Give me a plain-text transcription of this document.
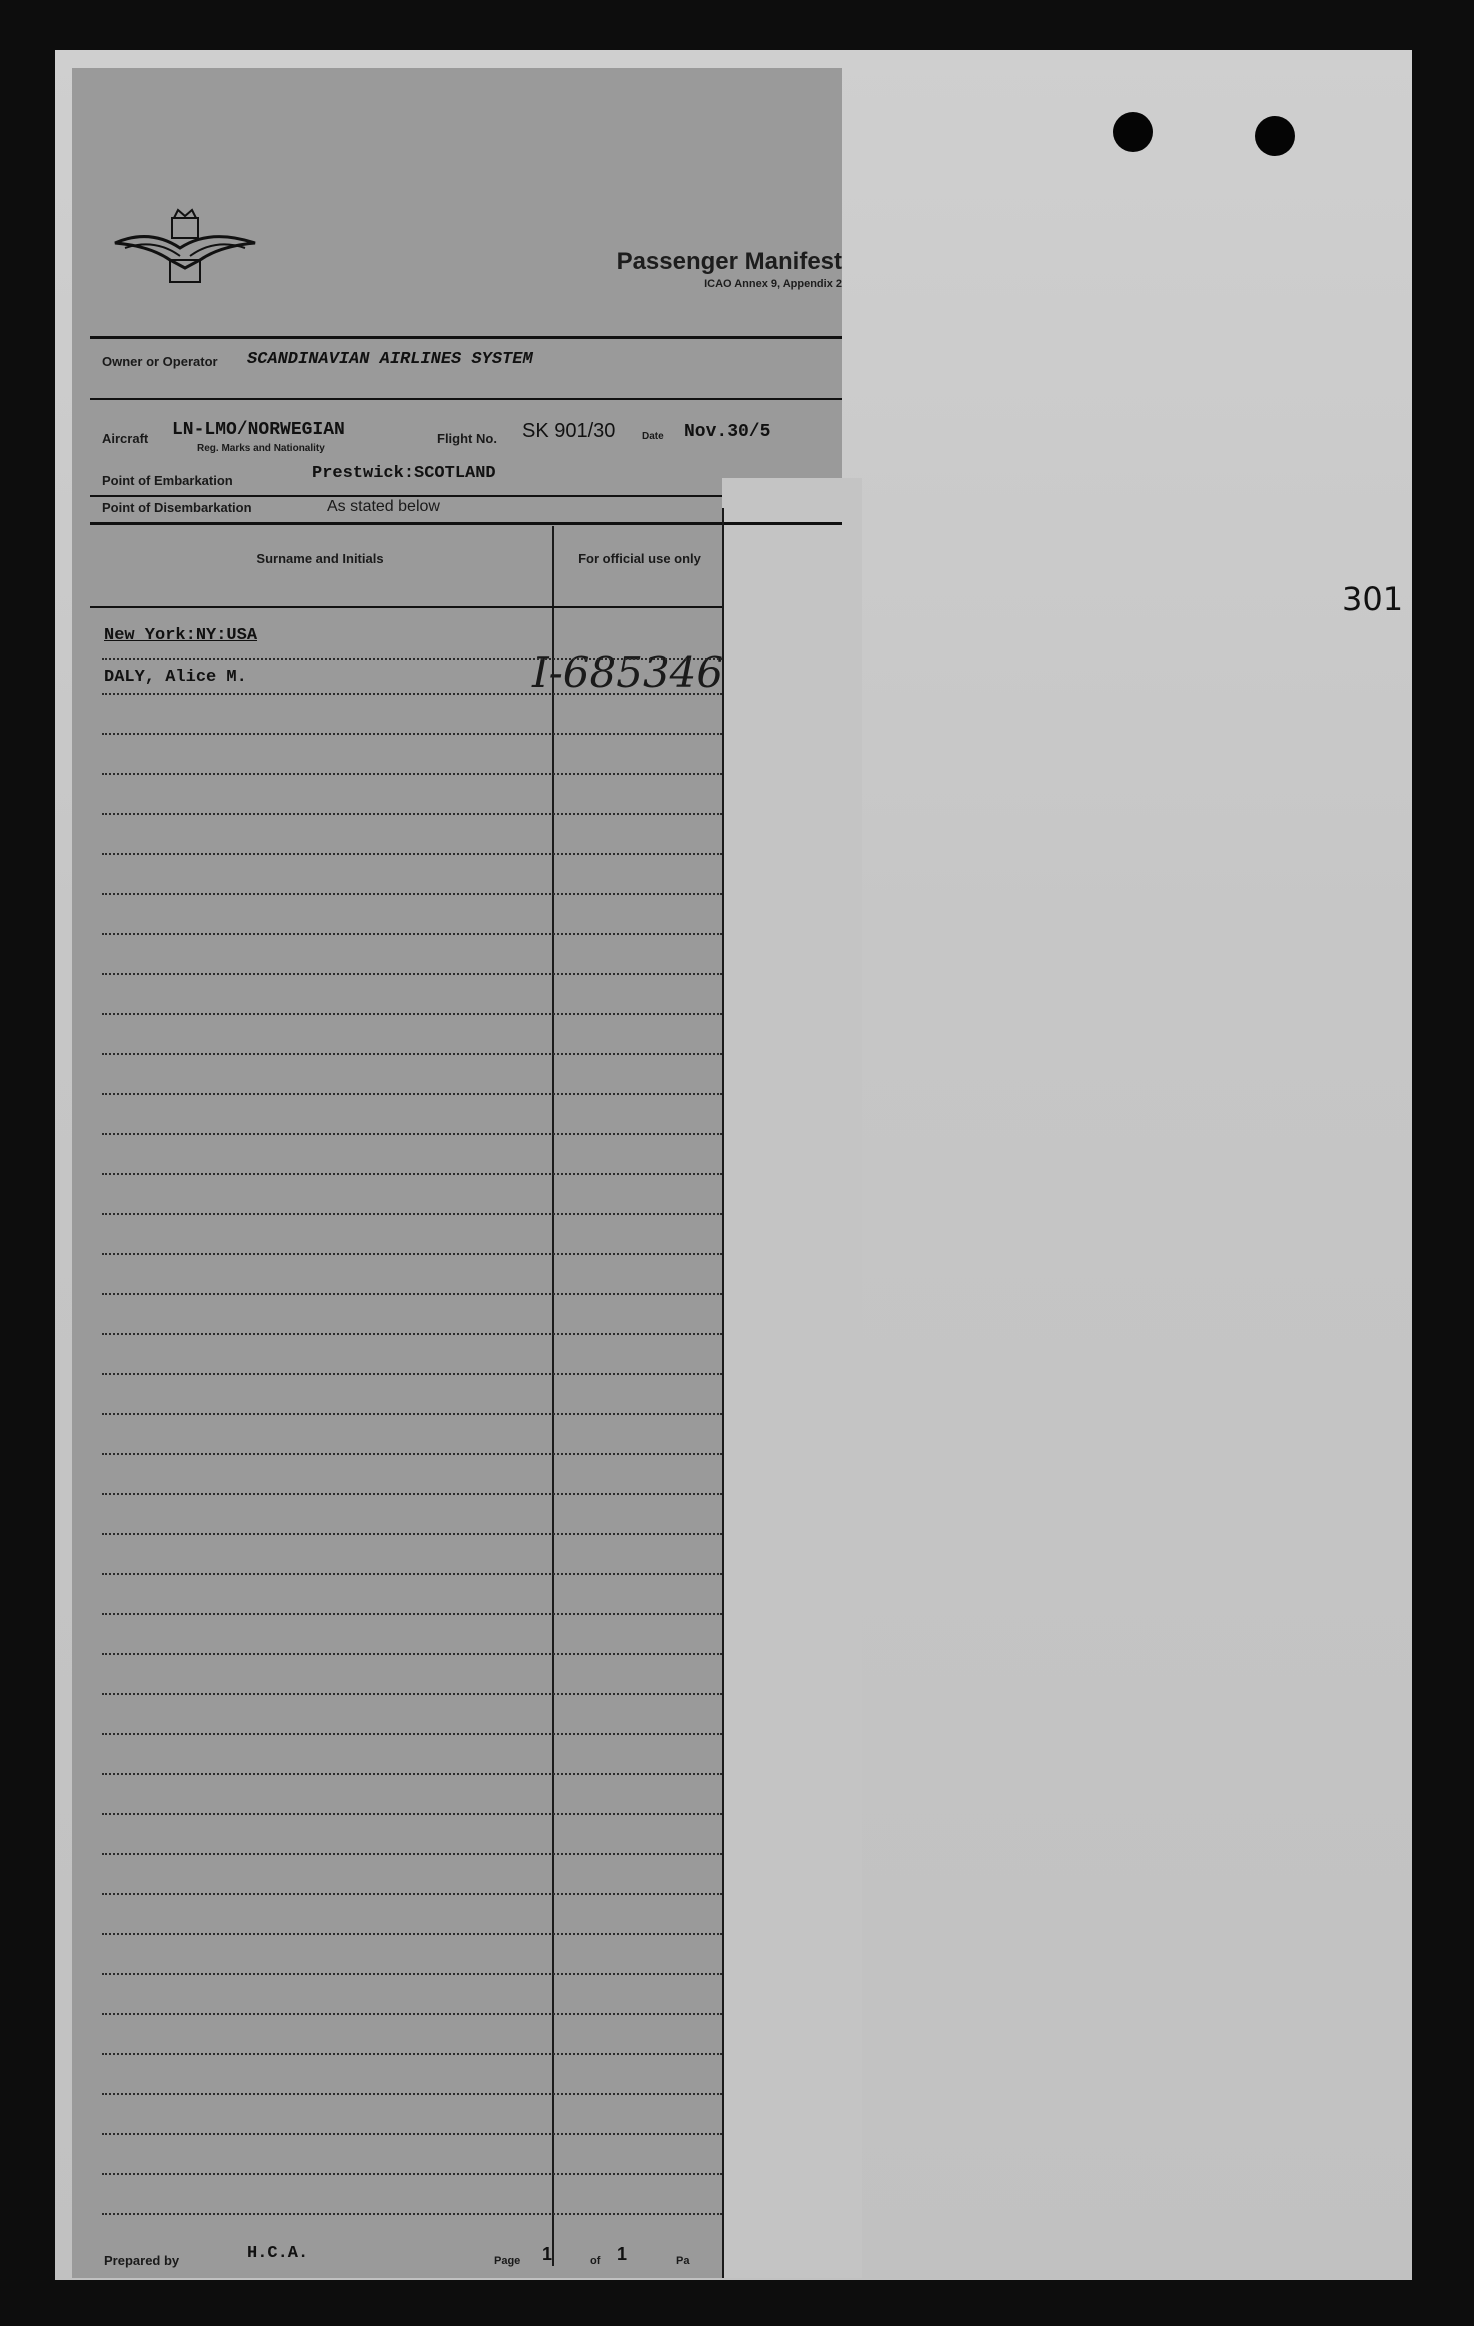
301
Passenger Manifest
ICAO Annex 9, Appendix 2
Owner or Operator SCANDINAVIAN AIRLINES SYSTEM
Aircraft LN-LMO/NORWEGIAN
Reg. Marks and Nationality
Flight No. SK 901/30	Date Nov.30/5
Point of Embarkation	Prestwick:SCOTLAND
Point of Disembarkation	As stated below
Surname and Initials	For official use only
New York:NY:USA
DALY, Alice M.	I-685346
Prepared by	H.C.A.	Page 1	of 1	Pa
